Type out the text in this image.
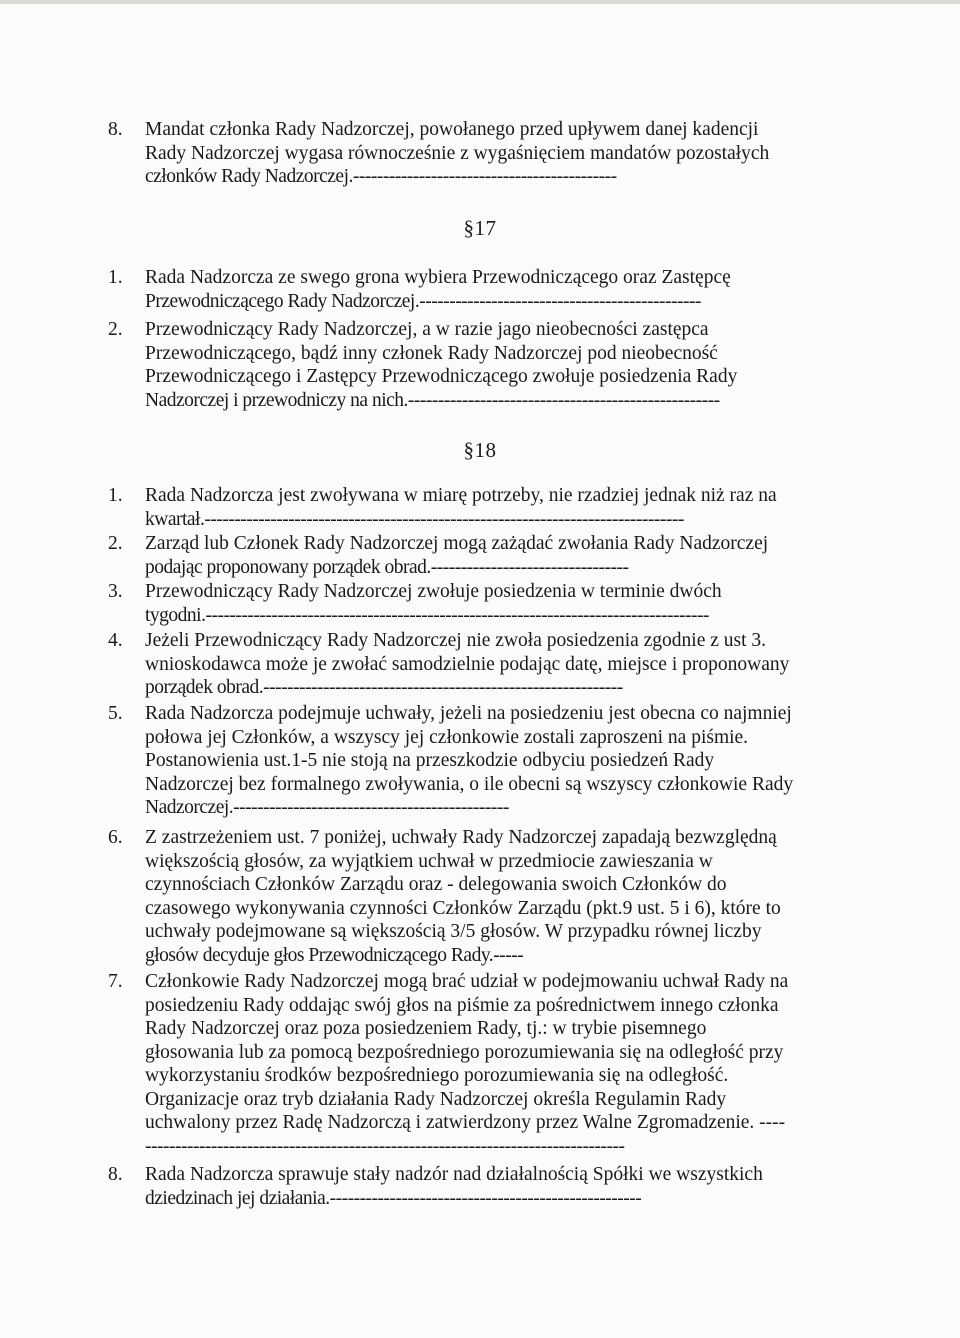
8.	Mandat członka Rady Nadzorczej, powołanego przed upływem danej kadencji
Rady Nadzorczej wygasa równocześnie z wygaśnięciem mandatów pozostałych
członków Rady Nadzorczej.--------------------------------------------
§17
1.	Rada Nadzorcza ze swego grona wybiera Przewodniczącego oraz Zastępcę
Przewodniczącego Rady Nadzorczej.-----------------------------------------------
2.	Przewodniczący Rady Nadzorczej, a w razie jago nieobecności zastępca
Przewodniczącego, bądź inny członek Rady Nadzorczej pod nieobecność
Przewodniczącego i Zastępcy Przewodniczącego zwołuje posiedzenia Rady
Nadzorczej i przewodniczy na nich.----------------------------------------------------
§18
1.	Rada Nadzorcza jest zwoływana w miarę potrzeby, nie rzadziej jednak niż raz na
kwartał.--------------------------------------------------------------------------------
2.	Zarząd lub Członek Rady Nadzorczej mogą zażądać zwołania Rady Nadzorczej
podając proponowany porządek obrad.---------------------------------
3.	Przewodniczący Rady Nadzorczej zwołuje posiedzenia w terminie dwóch
tygodni.------------------------------------------------------------------------------------
4.	Jeżeli Przewodniczący Rady Nadzorczej nie zwoła posiedzenia zgodnie z ust 3.
wnioskodawca może je zwołać samodzielnie podając datę, miejsce i proponowany
porządek obrad.------------------------------------------------------------
5.	Rada Nadzorcza podejmuje uchwały, jeżeli na posiedzeniu jest obecna co najmniej
połowa jej Członków, a wszyscy jej członkowie zostali zaproszeni na piśmie.
Postanowienia ust.1-5 nie stoją na przeszkodzie odbyciu posiedzeń Rady
Nadzorczej bez formalnego zwoływania, o ile obecni są wszyscy członkowie Rady
Nadzorczej.----------------------------------------------
6.	Z zastrzeżeniem ust. 7 poniżej, uchwały Rady Nadzorczej zapadają bezwzględną
większością głosów, za wyjątkiem uchwał w przedmiocie zawieszania w
czynnościach Członków Zarządu oraz - delegowania swoich Członków do
czasowego wykonywania czynności Członków Zarządu (pkt.9 ust. 5 i 6), które to
uchwały podejmowane są większością 3/5 głosów. W przypadku równej liczby
głosów decyduje głos Przewodniczącego Rady.-----
7.	Członkowie Rady Nadzorczej mogą brać udział w podejmowaniu uchwał Rady na
posiedzeniu Rady oddając swój głos na piśmie za pośrednictwem innego członka
Rady Nadzorczej oraz poza posiedzeniem Rady, tj.: w trybie pisemnego
głosowania lub za pomocą bezpośredniego porozumiewania się na odległość przy
wykorzystaniu środków bezpośredniego porozumiewania się na odległość.
Organizacje oraz tryb działania Rady Nadzorczej określa Regulamin Rady
uchwalony przez Radę Nadzorczą i zatwierdzony przez Walne Zgromadzenie. ----
--------------------------------------------------------------------------------
8.	Rada Nadzorcza sprawuje stały nadzór nad działalnością Spółki we wszystkich
dziedzinach jej działania.----------------------------------------------------
